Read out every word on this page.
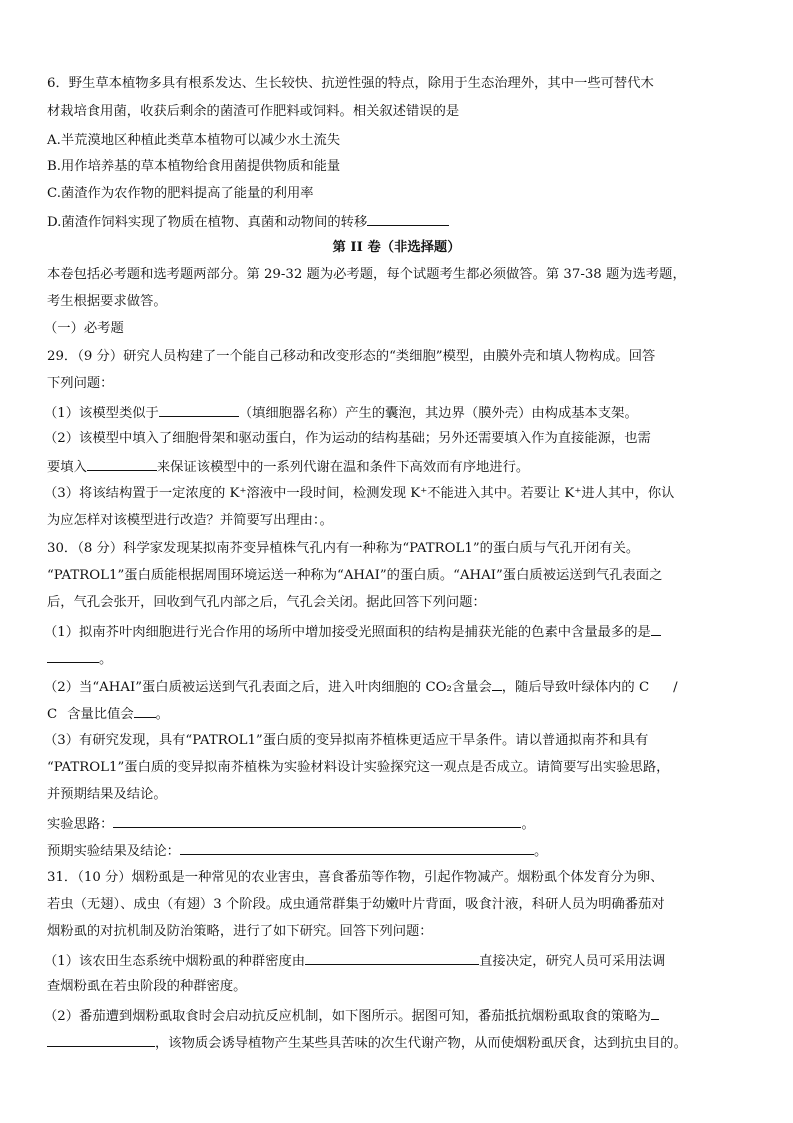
6．野生草本植物多具有根系发达、生长较快、抗逆性强的特点，除用于生态治理外，其中一些可替代木

材栽培食用菌，收获后剩余的菌渣可作肥料或饲料。相关叙述错误的是

A.半荒漠地区种植此类草本植物可以减少水土流失

B.用作培养基的草本植物给食用菌提供物质和能量

C.菌渣作为农作物的肥料提高了能量的利用率

D.菌渣作饲料实现了物质在植物、真菌和动物间的转移

第 II 卷（非选择题）

本卷包括必考题和选考题两部分。第 29-32 题为必考题，每个试题考生都必须做答。第 37-38 题为选考题，

考生根据要求做答。

（一）必考题

29．（9 分）研究人员构建了一个能自己移动和改变形态的“类细胞”模型，由膜外壳和填人物构成。回答

下列问题：

（1）该模型类似于	（填细胞器名称）产生的囊泡，其边界（膜外壳）由构成基本支架。

（2）该模型中填入了细胞骨架和驱动蛋白，作为运动的结构基础；另外还需要填入作为直接能源，也需

要填入	来保证该模型中的一系列代谢在温和条件下高效而有序地进行。

（3）将该结构置于一定浓度的 K⁺溶液中一段时间，检测发现 K⁺不能进入其中。若要让 K⁺进人其中，你认

为应怎样对该模型进行改造？并简要写出理由：。

30．（8 分）科学家发现某拟南芥变异植株气孔内有一种称为“PATROL1”的蛋白质与气孔开闭有关。

“PATROL1”蛋白质能根据周围环境运送一种称为“AHAI”的蛋白质。“AHAI”蛋白质被运送到气孔表面之

后，气孔会张开，回收到气孔内部之后，气孔会关闭。据此回答下列问题：

（1）拟南芥叶肉细胞进行光合作用的场所中增加接受光照面积的结构是捕获光能的色素中含量最多的是

。

（2）当“AHAI”蛋白质被运送到气孔表面之后，进入叶肉细胞的 CO₂含量会 ，随后导致叶绿体内的 C /

C 含量比值会 。

（3）有研究发现，具有“PATROL1”蛋白质的变异拟南芥植株更适应干旱条件。请以普通拟南芥和具有

“PATROL1”蛋白质的变异拟南芥植株为实验材料设计实验探究这一观点是否成立。请简要写出实验思路，

并预期结果及结论。

实验思路：	。

预期实验结果及结论：	。

31．（10 分）烟粉虱是一种常见的农业害虫，喜食番茄等作物，引起作物减产。烟粉虱个体发育分为卵、

若虫（无翅）、成虫（有翅）3 个阶段。成虫通常群集于幼嫩叶片背面，吸食汁液，科研人员为明确番茄对

烟粉虱的对抗机制及防治策略，进行了如下研究。回答下列问题：

（1）该农田生态系统中烟粉虱的种群密度由	直接决定，研究人员可采用法调

查烟粉虱在若虫阶段的种群密度。

（2）番茄遭到烟粉虱取食时会启动抗反应机制，如下图所示。据图可知，番茄抵抗烟粉虱取食的策略为

，该物质会诱导植物产生某些具苦味的次生代谢产物，从而使烟粉虱厌食，达到抗虫目的。
